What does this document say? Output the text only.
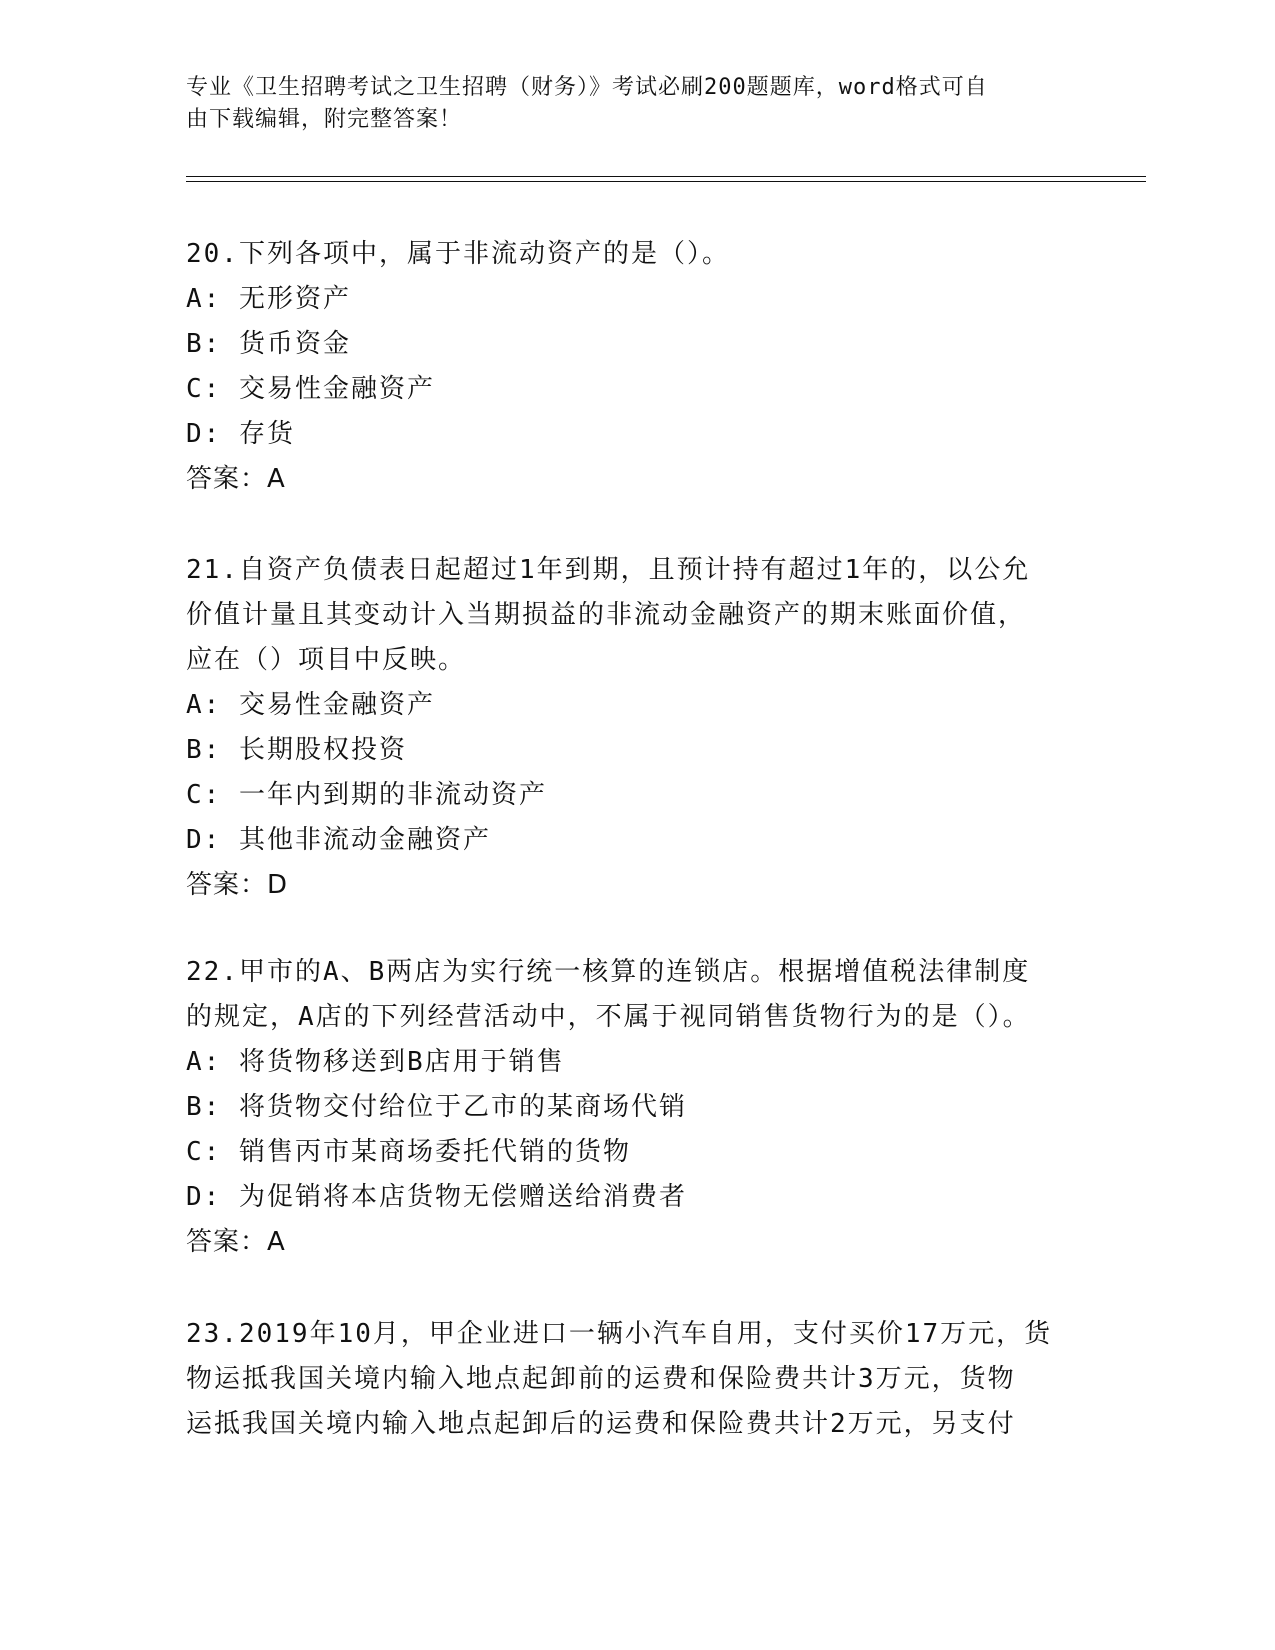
专业《卫生招聘考试之卫生招聘（财务）》考试必刷200题题库，word格式可自
由下载编辑，附完整答案！
20.下列各项中，属于非流动资产的是（）。
A: 无形资产
B: 货币资金
C: 交易性金融资产
D: 存货
答案：A
21.自资产负债表日起超过1年到期，且预计持有超过1年的，以公允
价值计量且其变动计入当期损益的非流动金融资产的期末账面价值，
应在（）项目中反映。
A: 交易性金融资产
B: 长期股权投资
C: 一年内到期的非流动资产
D: 其他非流动金融资产
答案：D
22.甲市的A、B两店为实行统一核算的连锁店。根据增值税法律制度
的规定，A店的下列经营活动中，不属于视同销售货物行为的是（）。
A: 将货物移送到B店用于销售
B: 将货物交付给位于乙市的某商场代销
C: 销售丙市某商场委托代销的货物
D: 为促销将本店货物无偿赠送给消费者
答案：A
23.2019年10月，甲企业进口一辆小汽车自用，支付买价17万元，货
物运抵我国关境内输入地点起卸前的运费和保险费共计3万元，货物
运抵我国关境内输入地点起卸后的运费和保险费共计2万元，另支付
